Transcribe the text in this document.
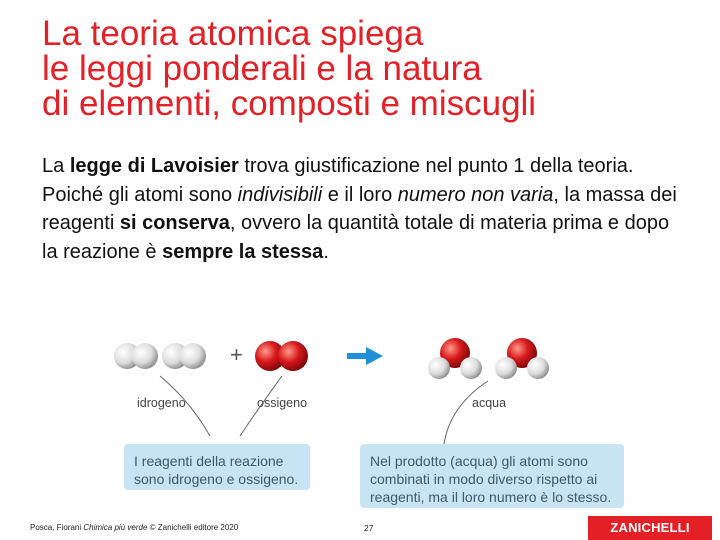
La teoria atomica spiega
le leggi ponderali e la natura
di elementi, composti e miscugli
La legge di Lavoisier trova giustificazione nel punto 1 della teoria.
Poiché gli atomi sono indivisibili e il loro numero non varia, la massa dei reagenti si conserva, ovvero la quantità totale di materia prima e dopo la reazione è sempre la stessa.
+
idrogeno	ossigeno	acqua
I reagenti della reazione sono idrogeno e ossigeno.
Nel prodotto (acqua) gli atomi sono combinati in modo diverso rispetto ai reagenti, ma il loro numero è lo stesso.
Posca, Fiorani Chimica più verde © Zanichelli editore 2020	27	ZANICHELLI
